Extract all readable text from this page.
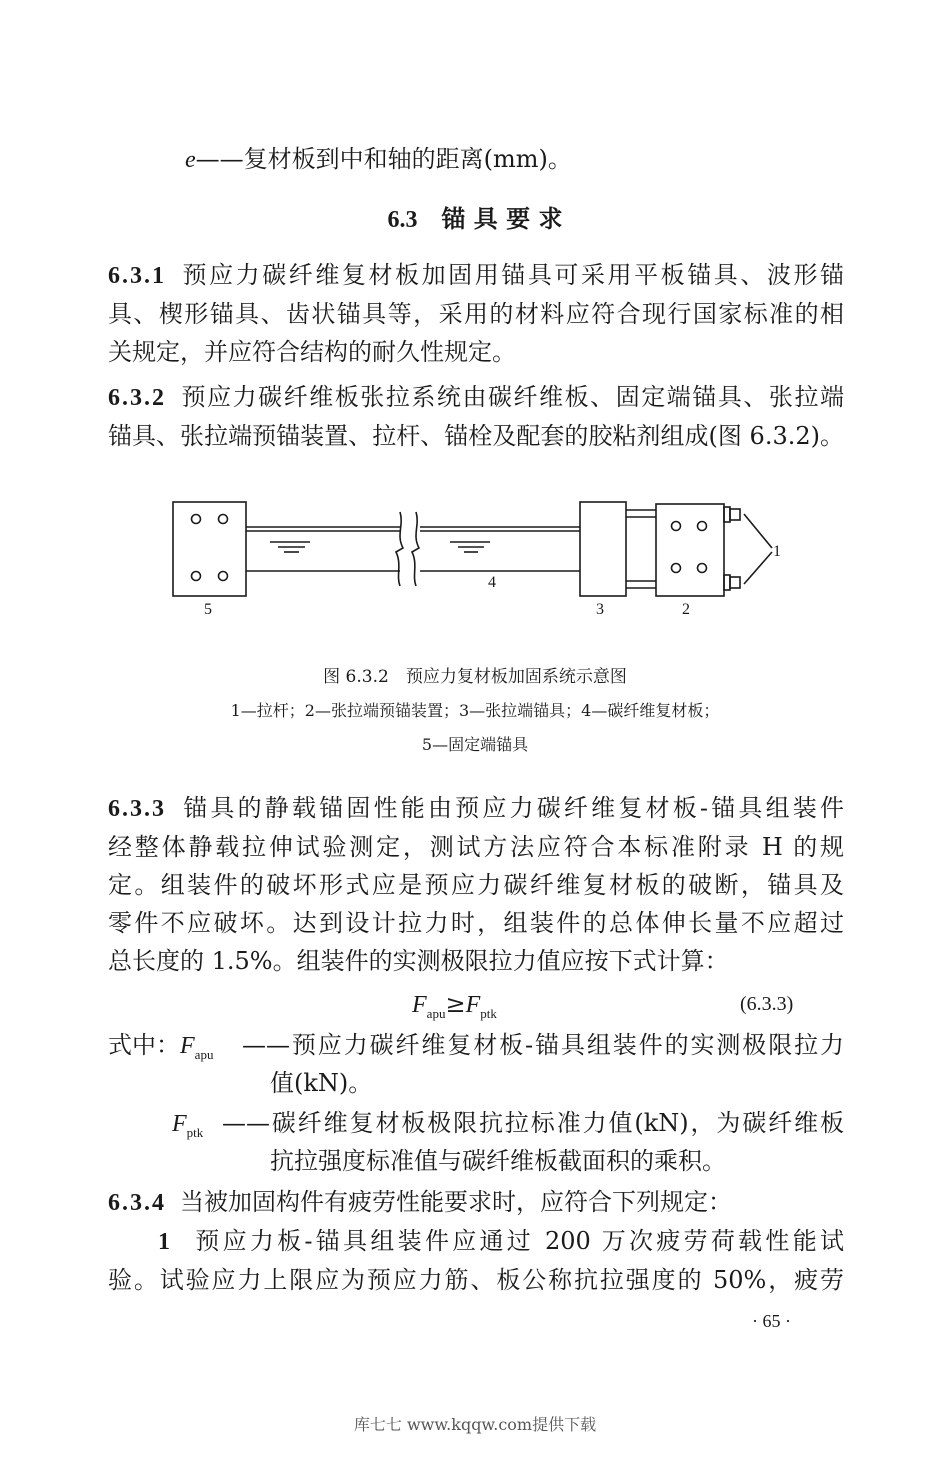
e——复材板到中和轴的距离(mm)。
6.3 锚 具 要 求
6.3.1 预应力碳纤维复材板加固用锚具可采用平板锚具、波形锚
具、楔形锚具、齿状锚具等，采用的材料应符合现行国家标准的相
关规定，并应符合结构的耐久性规定。
6.3.2 预应力碳纤维板张拉系统由碳纤维板、固定端锚具、张拉端
锚具、张拉端预锚装置、拉杆、锚栓及配套的胶粘剂组成(图 6.3.2)。
1
2
3
4
5
图 6.3.2　预应力复材板加固系统示意图
1—拉杆；2—张拉端预锚装置；3—张拉端锚具；4—碳纤维复材板；
5—固定端锚具
6.3.3 锚具的静载锚固性能由预应力碳纤维复材板-锚具组装件
经整体静载拉伸试验测定，测试方法应符合本标准附录 H 的规
定。组装件的破坏形式应是预应力碳纤维复材板的破断，锚具及
零件不应破坏。达到设计拉力时，组装件的总体伸长量不应超过
总长度的 1.5%。组装件的实测极限拉力值应按下式计算：
$F_{apu}\ge F_{ptk}$	(6.3.3)
式中：$F_{apu}$ ——预应力碳纤维复材板-锚具组装件的实测极限拉力
值(kN)。
$F_{ptk}$ ——碳纤维复材板极限抗拉标准力值(kN)，为碳纤维板
抗拉强度标准值与碳纤维板截面积的乘积。
6.3.4 当被加固构件有疲劳性能要求时，应符合下列规定：
1 预应力板-锚具组装件应通过 200 万次疲劳荷载性能试
验。试验应力上限应为预应力筋、板公称抗拉强度的 50%，疲劳
· 65 ·
库七七 www.kqqw.com提供下载
